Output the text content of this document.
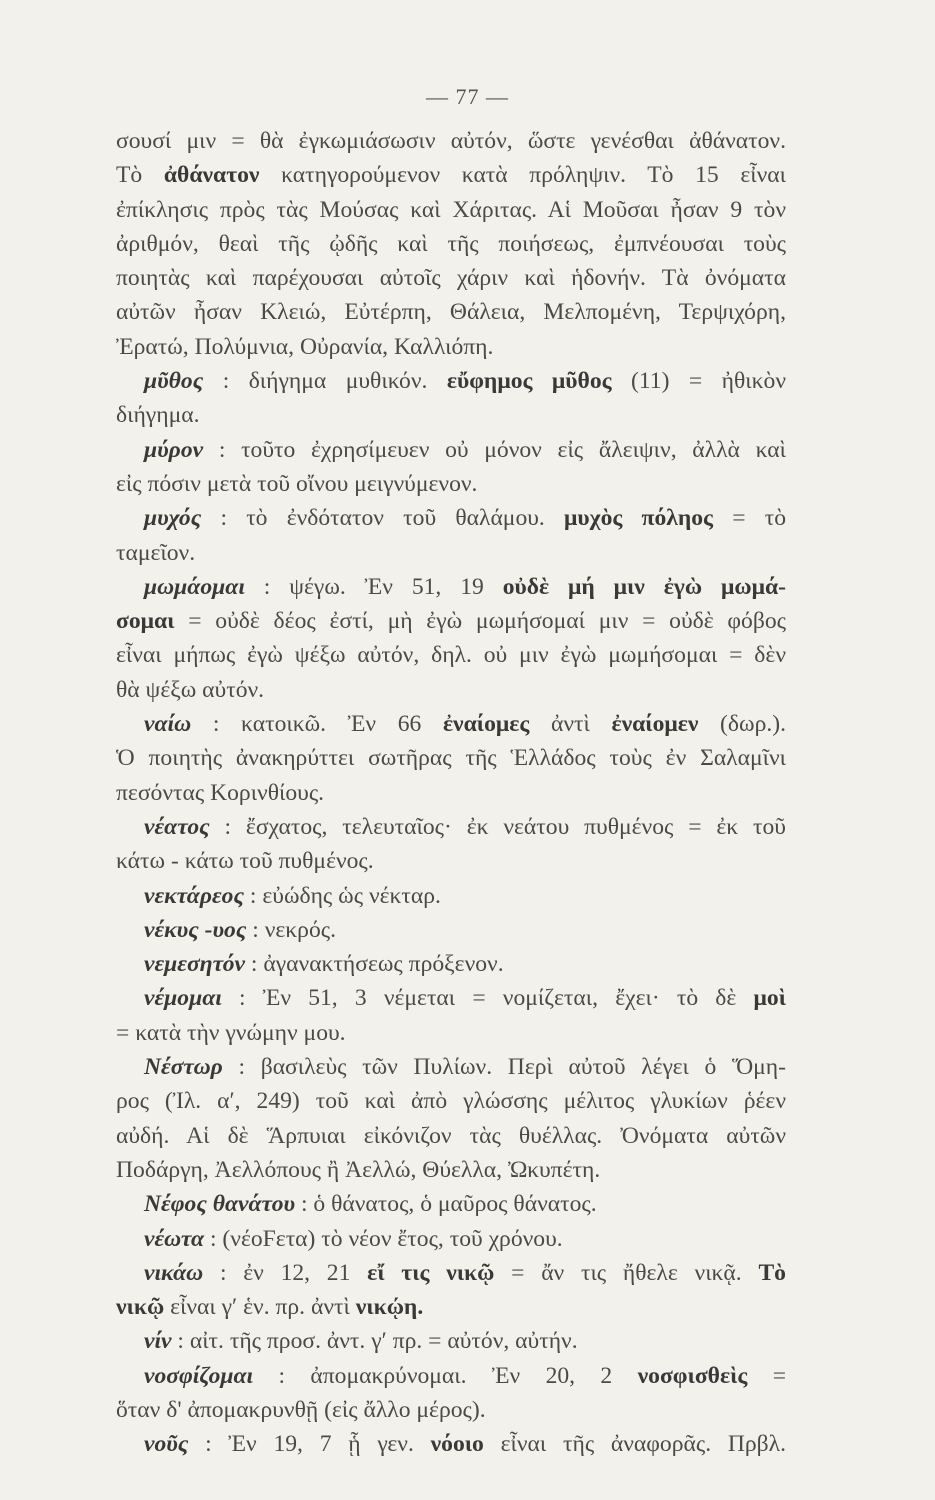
— 77 —
σουσί μιν = θὰ ἐγκωμιάσωσιν αὐτόν, ὥστε γενέσθαι ἀθάνατον.
Τὸ ἀθάνατον κατηγορούμενον κατὰ πρόληψιν. Τὸ 15 εἶναι
ἐπίκλησις πρὸς τὰς Μούσας καὶ Χάριτας. Αἱ Μοῦσαι ἦσαν 9 τὸν
ἀριθμόν, θεαὶ τῆς ᾠδῆς καὶ τῆς ποιήσεως, ἐμπνέουσαι τοὺς
ποιητὰς καὶ παρέχουσαι αὐτοῖς χάριν καὶ ἡδονήν. Τὰ ὀνόματα
αὐτῶν ἦσαν Κλειώ, Εὐτέρπη, Θάλεια, Μελπομένη, Τερψιχόρη,
Ἐρατώ, Πολύμνια, Οὐρανία, Καλλιόπη.
μῦθος : διήγημα μυθικόν. εὔφημος μῦθος (11) = ἠθικὸν
διήγημα.
μύρον : τοῦτο ἐχρησίμευεν οὐ μόνον εἰς ἄλειψιν, ἀλλὰ καὶ
εἰς πόσιν μετὰ τοῦ οἴνου μειγνύμενον.
μυχός : τὸ ἐνδότατον τοῦ θαλάμου. μυχὸς πόληος = τὸ
ταμεῖον.
μωμάομαι : ψέγω. Ἐν 51, 19 οὐδὲ μή μιν ἐγὼ μωμά-
σομαι = οὐδὲ δέος ἐστί, μὴ ἐγὼ μωμήσομαί μιν = οὐδὲ φόβος
εἶναι μήπως ἐγὼ ψέξω αὐτόν, δηλ. οὐ μιν ἐγὼ μωμήσομαι = δὲν
θὰ ψέξω αὐτόν.
ναίω : κατοικῶ. Ἐν 66 ἐναίομες ἀντὶ ἐναίομεν (δωρ.).
Ὁ ποιητὴς ἀνακηρύττει σωτῆρας τῆς Ἑλλάδος τοὺς ἐν Σαλαμῖνι
πεσόντας Κορινθίους.
νέατος : ἔσχατος, τελευταῖος· ἐκ νεάτου πυθμένος = ἐκ τοῦ
κάτω - κάτω τοῦ πυθμένος.
νεκτάρεος : εὐώδης ὡς νέκταρ.
νέκυς -υος : νεκρός.
νεμεσητόν : ἀγανακτήσεως πρόξενον.
νέμομαι : Ἐν 51, 3 νέμεται = νομίζεται, ἔχει· τὸ δὲ μοὶ
= κατὰ τὴν γνώμην μου.
Νέστωρ : βασιλεὺς τῶν Πυλίων. Περὶ αὐτοῦ λέγει ὁ Ὅμη-
ρος (Ἰλ. α′, 249) τοῦ καὶ ἀπὸ γλώσσης μέλιτος γλυκίων ῥέεν
αὐδή. Αἱ δὲ Ἅρπυιαι εἰκόνιζον τὰς θυέλλας. Ὀνόματα αὐτῶν
Ποδάργη, Ἀελλόπους ἢ Ἀελλώ, Θύελλα, Ὠκυπέτη.
Νέφος θανάτου : ὁ θάνατος, ὁ μαῦρος θάνατος.
νέωτα : (νέοϜετα) τὸ νέον ἔτος, τοῦ χρόνου.
νικάω : ἐν 12, 21 εἴ τις νικῷ = ἄν τις ἤθελε νικᾷ. Τὸ
νικῷ εἶναι γ′ ἑν. πρ. ἀντὶ νικῴη.
νίν : αἰτ. τῆς προσ. ἀντ. γ′ πρ. = αὐτόν, αὐτήν.
νοσφίζομαι : ἀπομακρύνομαι. Ἐν 20, 2 νοσφισθεὶς =
ὅταν δ' ἀπομακρυνθῇ (εἰς ἄλλο μέρος).
νοῦς : Ἐν 19, 7 ᾗ γεν. νόοιο εἶναι τῆς ἀναφορᾶς. Πρβλ.
